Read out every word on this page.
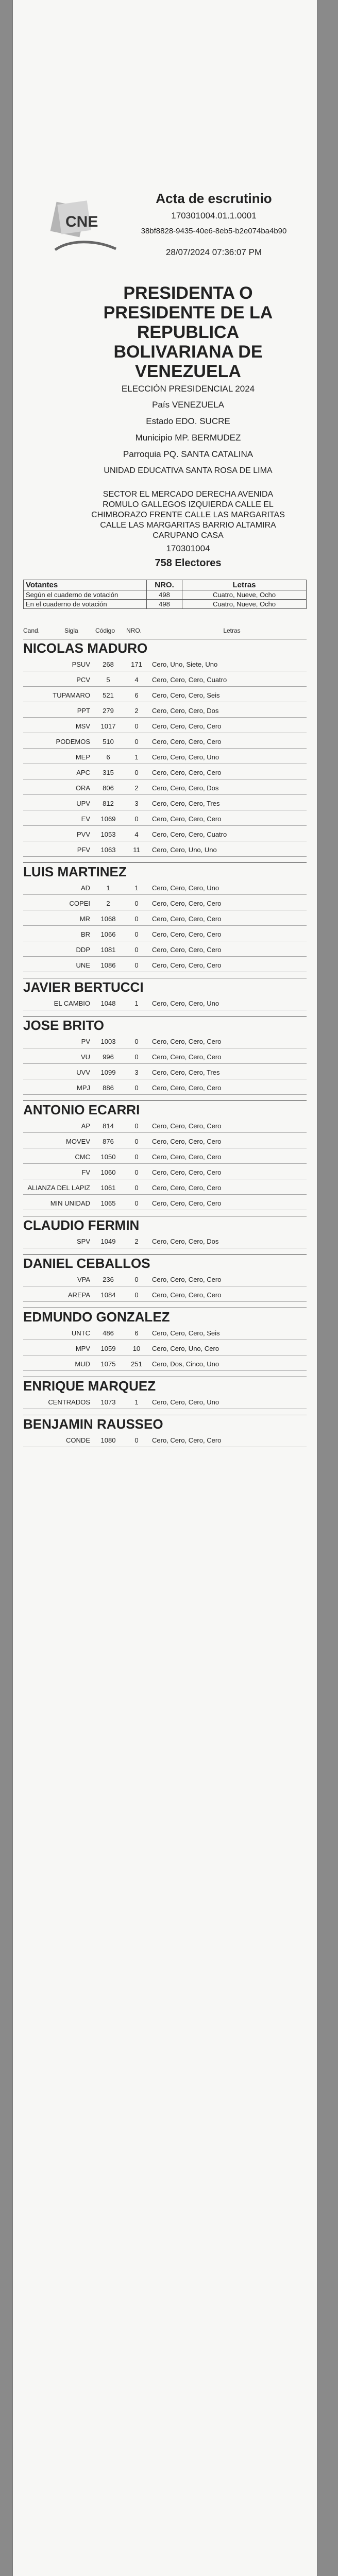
CNE
Acta de escrutinio
170301004.01.1.0001
38bf8828-9435-40e6-8eb5-b2e074ba4b90
28/07/2024 07:36:07 PM
PRESIDENTA O PRESIDENTE DE LA REPUBLICA BOLIVARIANA DE VENEZUELA
ELECCIÓN PRESIDENCIAL 2024
País VENEZUELA
Estado EDO. SUCRE
Municipio MP. BERMUDEZ
Parroquia PQ. SANTA CATALINA
UNIDAD EDUCATIVA SANTA ROSA DE LIMA
SECTOR EL MERCADO DERECHA AVENIDA ROMULO GALLEGOS IZQUIERDA CALLE EL CHIMBORAZO FRENTE CALLE LAS MARGARITAS CALLE LAS MARGARITAS BARRIO ALTAMIRA CARUPANO CASA
170301004
758 Electores
Votantes	NRO.	Letras
Según el cuaderno de votación	498	Cuatro, Nueve, Ocho
En el cuaderno de votación	498	Cuatro, Nueve, Ocho
Cand.	Sigla	Código	NRO.	Letras
NICOLAS MADURO
PSUV	268	171	Cero, Uno, Siete, Uno
PCV	5	4	Cero, Cero, Cero, Cuatro
TUPAMARO	521	6	Cero, Cero, Cero, Seis
PPT	279	2	Cero, Cero, Cero, Dos
MSV	1017	0	Cero, Cero, Cero, Cero
PODEMOS	510	0	Cero, Cero, Cero, Cero
MEP	6	1	Cero, Cero, Cero, Uno
APC	315	0	Cero, Cero, Cero, Cero
ORA	806	2	Cero, Cero, Cero, Dos
UPV	812	3	Cero, Cero, Cero, Tres
EV	1069	0	Cero, Cero, Cero, Cero
PVV	1053	4	Cero, Cero, Cero, Cuatro
PFV	1063	11	Cero, Cero, Uno, Uno
LUIS MARTINEZ
AD	1	1	Cero, Cero, Cero, Uno
COPEI	2	0	Cero, Cero, Cero, Cero
MR	1068	0	Cero, Cero, Cero, Cero
BR	1066	0	Cero, Cero, Cero, Cero
DDP	1081	0	Cero, Cero, Cero, Cero
UNE	1086	0	Cero, Cero, Cero, Cero
JAVIER BERTUCCI
EL CAMBIO	1048	1	Cero, Cero, Cero, Uno
JOSE BRITO
PV	1003	0	Cero, Cero, Cero, Cero
VU	996	0	Cero, Cero, Cero, Cero
UVV	1099	3	Cero, Cero, Cero, Tres
MPJ	886	0	Cero, Cero, Cero, Cero
ANTONIO ECARRI
AP	814	0	Cero, Cero, Cero, Cero
MOVEV	876	0	Cero, Cero, Cero, Cero
CMC	1050	0	Cero, Cero, Cero, Cero
FV	1060	0	Cero, Cero, Cero, Cero
ALIANZA DEL LAPIZ	1061	0	Cero, Cero, Cero, Cero
MIN UNIDAD	1065	0	Cero, Cero, Cero, Cero
CLAUDIO FERMIN
SPV	1049	2	Cero, Cero, Cero, Dos
DANIEL CEBALLOS
VPA	236	0	Cero, Cero, Cero, Cero
AREPA	1084	0	Cero, Cero, Cero, Cero
EDMUNDO GONZALEZ
UNTC	486	6	Cero, Cero, Cero, Seis
MPV	1059	10	Cero, Cero, Uno, Cero
MUD	1075	251	Cero, Dos, Cinco, Uno
ENRIQUE MARQUEZ
CENTRADOS	1073	1	Cero, Cero, Cero, Uno
BENJAMIN RAUSSEO
CONDE	1080	0	Cero, Cero, Cero, Cero
